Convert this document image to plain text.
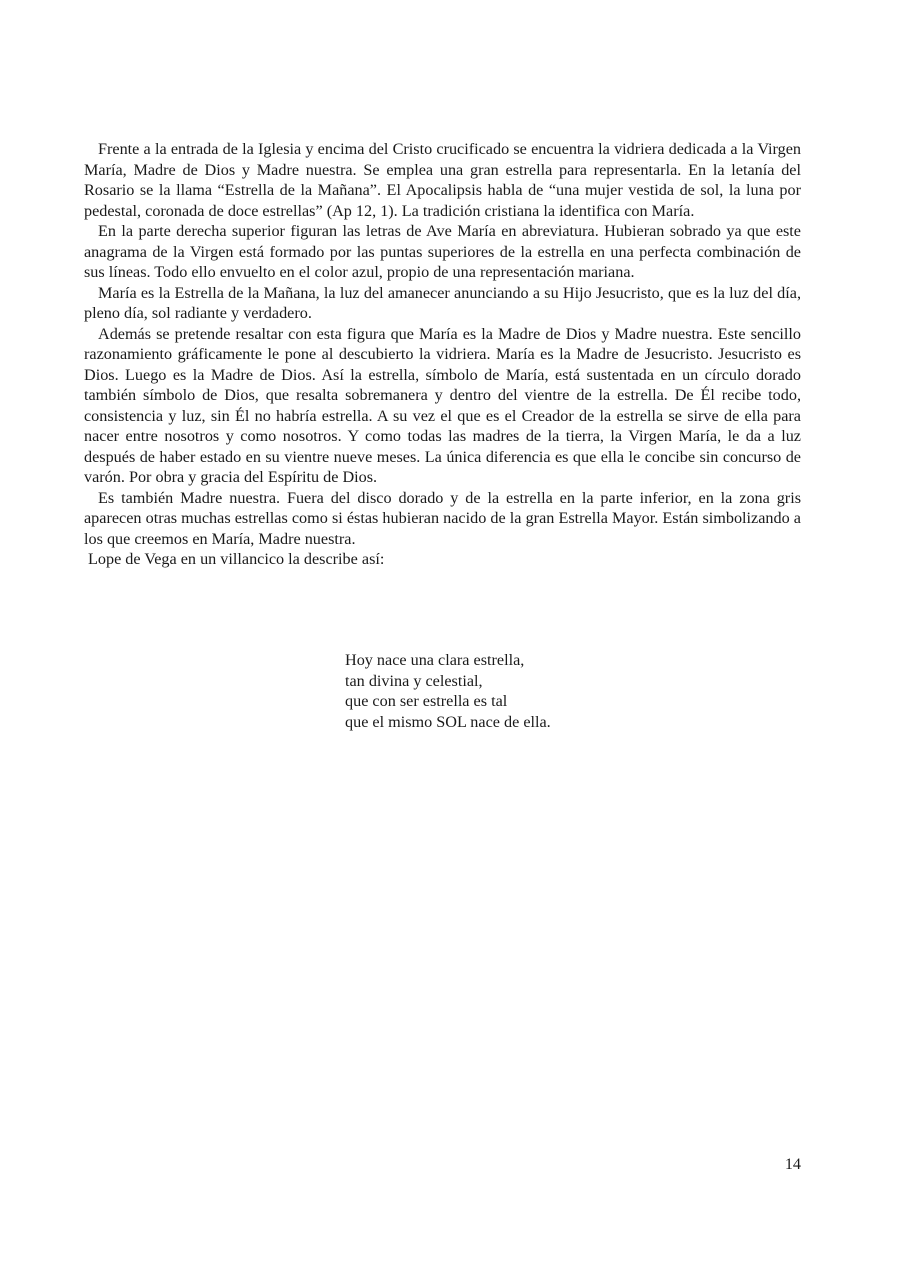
Frente a la entrada de la Iglesia y encima del Cristo crucificado se encuentra la vidriera dedicada a la Virgen María, Madre de Dios y Madre nuestra. Se emplea una gran estrella para representarla. En la letanía del Rosario se la llama “Estrella de la Mañana”. El Apocalipsis habla de “una mujer vestida de sol, la luna por pedestal, coronada de doce estrellas” (Ap 12, 1). La tradición cristiana la identifica con María.

En la parte derecha superior figuran las letras de Ave María en abreviatura. Hubieran sobrado ya que este anagrama de la Virgen está formado por las puntas superiores de la estrella en una perfecta combinación de sus líneas. Todo ello envuelto en el color azul, propio de una representación mariana.

María es la Estrella de la Mañana, la luz del amanecer anunciando a su Hijo Jesucristo, que es la luz del día, pleno día, sol radiante y verdadero.

Además se pretende resaltar con esta figura que María es la Madre de Dios y Madre nuestra. Este sencillo razonamiento gráficamente le pone al descubierto la vidriera. María es la Madre de Jesucristo. Jesucristo es Dios. Luego es la Madre de Dios. Así la estrella, símbolo de María, está sustentada en un círculo dorado también símbolo de Dios, que resalta sobremanera y dentro del vientre de la estrella. De Él recibe todo, consistencia y luz, sin Él no habría estrella. A su vez el que es el Creador de la estrella se sirve de ella para nacer entre nosotros y como nosotros. Y como todas las madres de la tierra, la Virgen María, le da a luz después de haber estado en su vientre nueve meses. La única diferencia es que ella le concibe sin concurso de varón. Por obra y gracia del Espíritu de Dios.

Es también Madre nuestra. Fuera del disco dorado y de la estrella en la parte inferior, en la zona gris aparecen otras muchas estrellas como si éstas hubieran nacido de la gran Estrella Mayor. Están simbolizando a los que creemos en María, Madre nuestra.

Lope de Vega en un villancico la describe así:

Hoy nace una clara estrella,
tan divina y celestial,
que con ser estrella es tal
que el mismo SOL nace de ella.
14
